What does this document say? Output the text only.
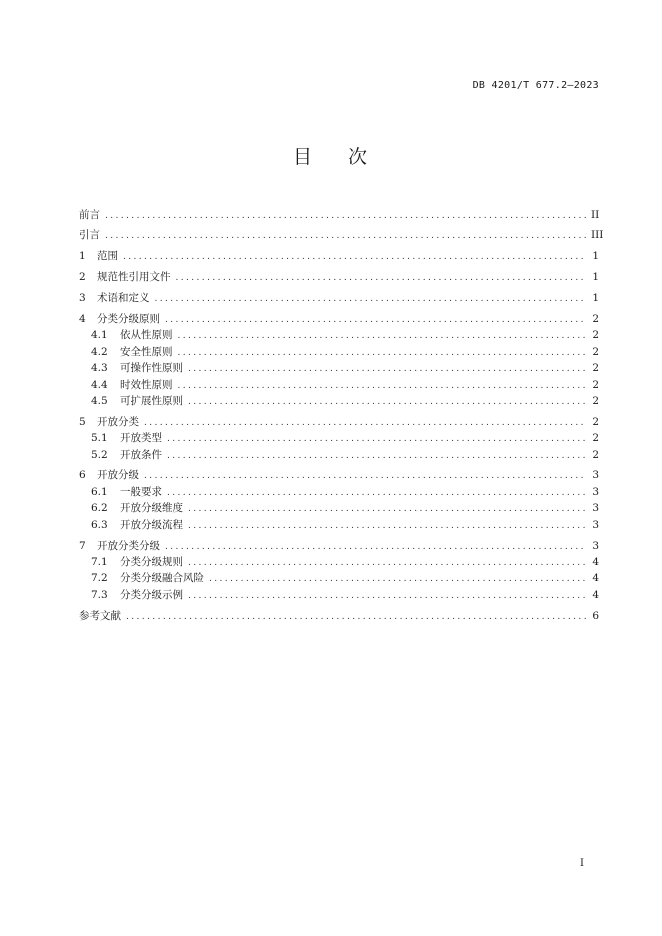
DB 4201/T 677.2—2023
目 次
前言 .....	II
引言 .....	III
1	范围 .....	1
2	规范性引用文件 .....	1
3	术语和定义 .....	1
4	分类分级原则 .....	2
4.1	依从性原则 .....	2
4.2	安全性原则 .....	2
4.3	可操作性原则 .....	2
4.4	时效性原则 .....	2
4.5	可扩展性原则 .....	2
5	开放分类 .....	2
5.1	开放类型 .....	2
5.2	开放条件 .....	2
6	开放分级 .....	3
6.1	一般要求 .....	3
6.2	开放分级维度 .....	3
6.3	开放分级流程 .....	3
7	开放分类分级 .....	3
7.1	分类分级规则 .....	4
7.2	分类分级融合风险 .....	4
7.3	分类分级示例 .....	4
参考文献 .....	6
I
